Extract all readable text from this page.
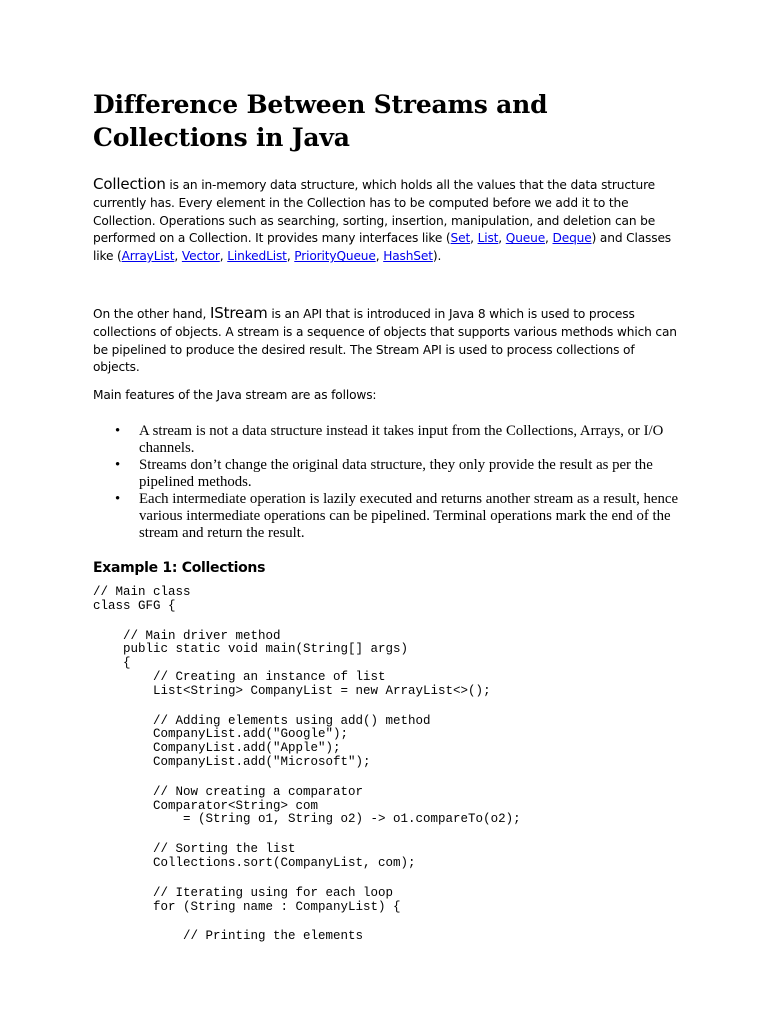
Difference Between Streams and Collections in Java

Collection is an in-memory data structure, which holds all the values that the data structure currently has. Every element in the Collection has to be computed before we add it to the Collection. Operations such as searching, sorting, insertion, manipulation, and deletion can be performed on a Collection. It provides many interfaces like (Set, List, Queue, Deque) and Classes like (ArrayList, Vector, LinkedList, PriorityQueue, HashSet).

On the other hand, IStream is an API that is introduced in Java 8 which is used to process collections of objects. A stream is a sequence of objects that supports various methods which can be pipelined to produce the desired result. The Stream API is used to process collections of objects.

Main features of the Java stream are as follows:

• A stream is not a data structure instead it takes input from the Collections, Arrays, or I/O channels.
• Streams don’t change the original data structure, they only provide the result as per the pipelined methods.
• Each intermediate operation is lazily executed and returns another stream as a result, hence various intermediate operations can be pipelined. Terminal operations mark the end of the stream and return the result.
Example 1: Collections
// Main class
class GFG {
// Main driver method
public static void main(String[] args)
{
// Creating an instance of list
List<String> CompanyList = new ArrayList<>();
// Adding elements using add() method
CompanyList.add("Google");
CompanyList.add("Apple");
CompanyList.add("Microsoft");
// Now creating a comparator
Comparator<String> com
= (String o1, String o2) -> o1.compareTo(o2);
// Sorting the list
Collections.sort(CompanyList, com);
// Iterating using for each loop
for (String name : CompanyList) {
// Printing the elements
